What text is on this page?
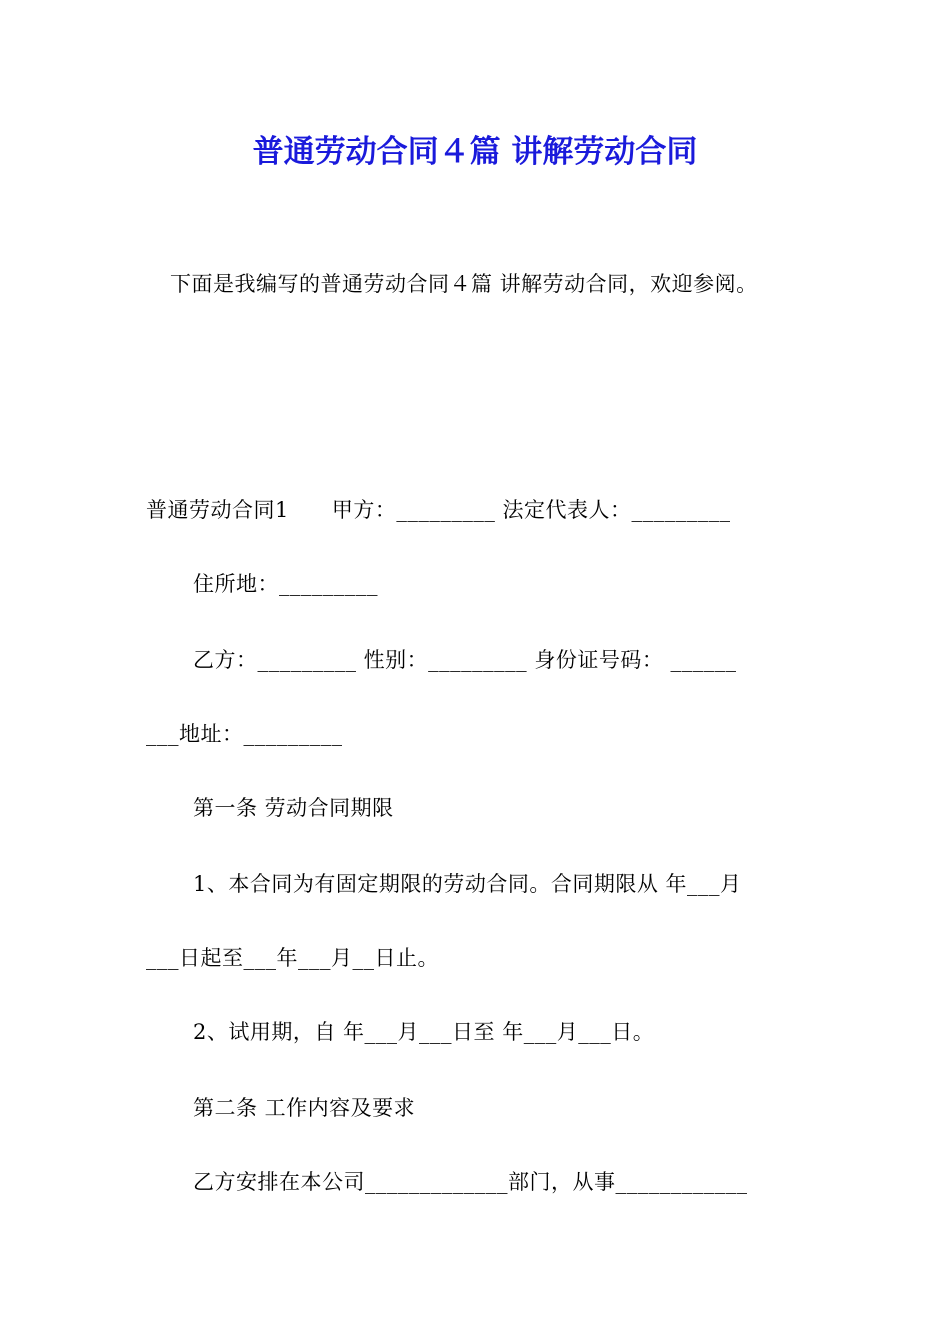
普通劳动合同４篇 讲解劳动合同

下面是我编写的普通劳动合同４篇 讲解劳动合同，欢迎参阅。

普通劳动合同1　　甲方：_________ 法定代表人：_________

住所地：_________

乙方：_________ 性别：_________ 身份证号码： ______

___地址：_________

第一条 劳动合同期限

1、本合同为有固定期限的劳动合同。合同期限从 年___月

___日起至___年___月__日止。

2、试用期，自 年___月___日至 年___月___日。

第二条 工作内容及要求

乙方安排在本公司_____________部门，从事____________
